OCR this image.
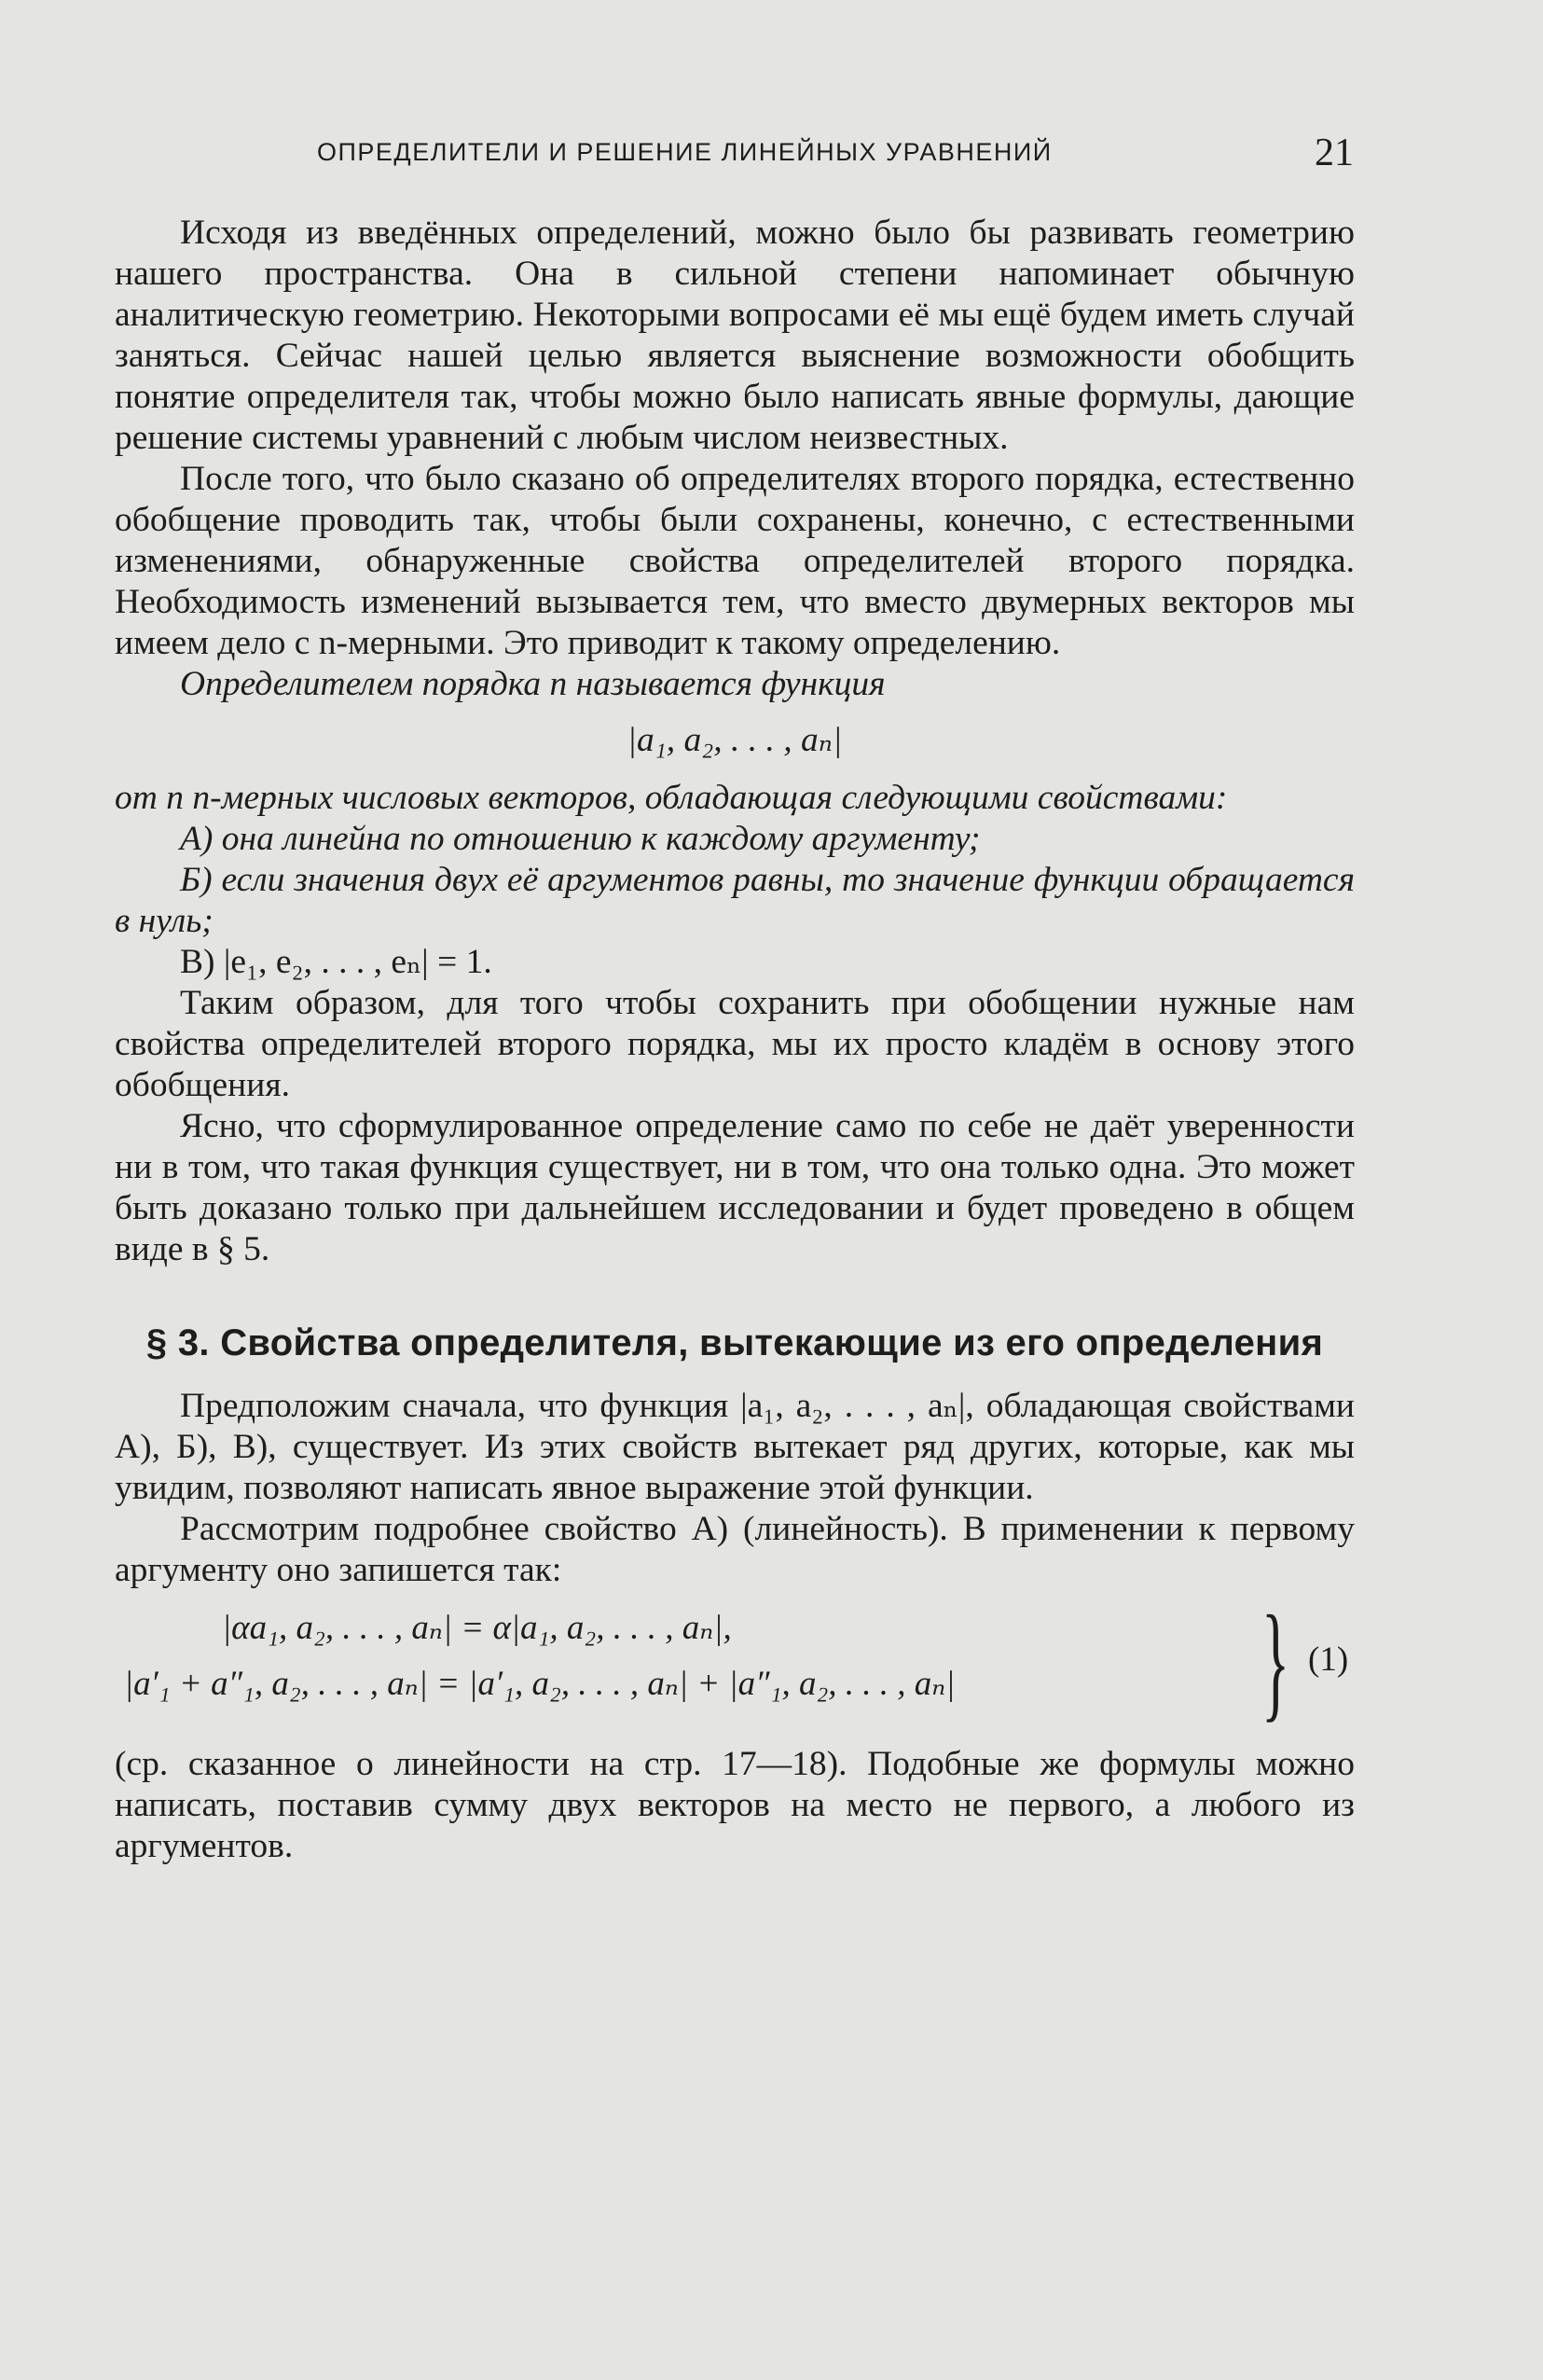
ОПРЕДЕЛИТЕЛИ И РЕШЕНИЕ ЛИНЕЙНЫХ УРАВНЕНИЙ	21

Исходя из введённых определений, можно было бы развивать геометрию нашего пространства. Она в сильной степени напоминает обычную аналитическую геометрию. Некоторыми вопросами её мы ещё будем иметь случай заняться. Сейчас нашей целью является выяснение возможности обобщить понятие определителя так, чтобы можно было написать явные формулы, дающие решение системы уравнений с любым числом неизвестных.

После того, что было сказано об определителях второго порядка, естественно обобщение проводить так, чтобы были сохранены, конечно, с естественными изменениями, обнаруженные свойства определителей второго порядка. Необходимость изменений вызывается тем, что вместо двумерных векторов мы имеем дело с n-мерными. Это приводит к такому определению.

Определителем порядка n называется функция

|a₁, a₂, . . . , aₙ|

от n n-мерных числовых векторов, обладающая следующими свойствами:

А) она линейна по отношению к каждому аргументу;

Б) если значения двух её аргументов равны, то значение функции обращается в нуль;

В) |e₁, e₂, . . . , eₙ| = 1.

Таким образом, для того чтобы сохранить при обобщении нужные нам свойства определителей второго порядка, мы их просто кладём в основу этого обобщения.

Ясно, что сформулированное определение само по себе не даёт уверенности ни в том, что такая функция существует, ни в том, что она только одна. Это может быть доказано только при дальнейшем исследовании и будет проведено в общем виде в § 5.

§ 3. Свойства определителя, вытекающие из его определения

Предположим сначала, что функция |a₁, a₂, . . . , aₙ|, обладающая свойствами А), Б), В), существует. Из этих свойств вытекает ряд других, которые, как мы увидим, позволяют написать явное выражение этой функции.

Рассмотрим подробнее свойство А) (линейность). В применении к первому аргументу оно запишется так:

|αa₁, a₂, . . . , aₙ| = α|a₁, a₂, . . . , aₙ|,
|a′₁ + a″₁, a₂, . . . , aₙ| = |a′₁, a₂, . . . , aₙ| + |a″₁, a₂, . . . , aₙ| } (1)

(ср. сказанное о линейности на стр. 17—18). Подобные же формулы можно написать, поставив сумму двух векторов на место не первого, а любого из аргументов.
